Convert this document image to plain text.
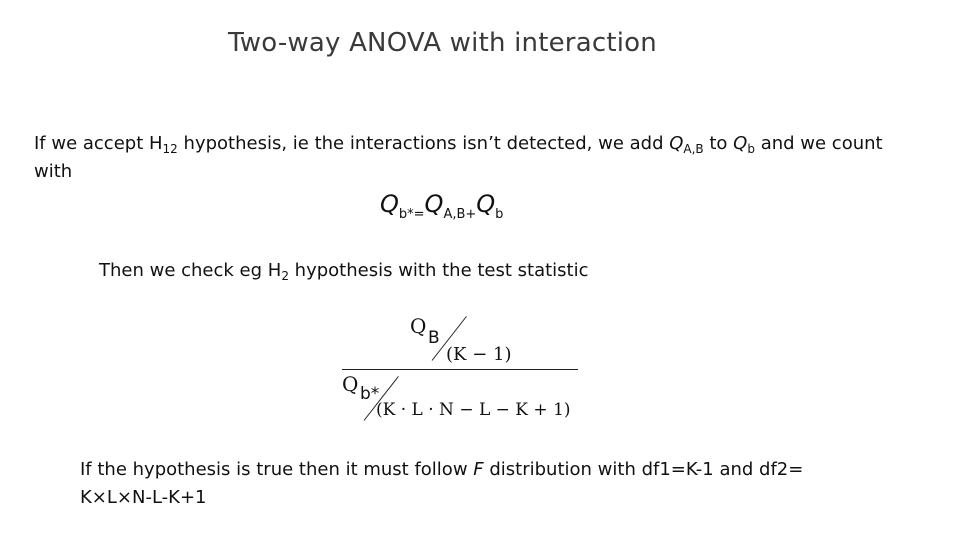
Two-way ANOVA with interaction
If we accept $H_{12}$ hypothesis, ie the interactions isn’t detected, we add $Q_{A,B}$ to $Q_b$ and we count with
$Q_{b*=}Q_{A,B+}Q_b$
Then we check eg $H_2$ hypothesis with the test statistic
Q B
(K − 1)
Q b*
(K · L · N − L − K + 1)
If the hypothesis is true then it must follow F distribution with df1=K-1 and df2= K×L×N-L-K+1
